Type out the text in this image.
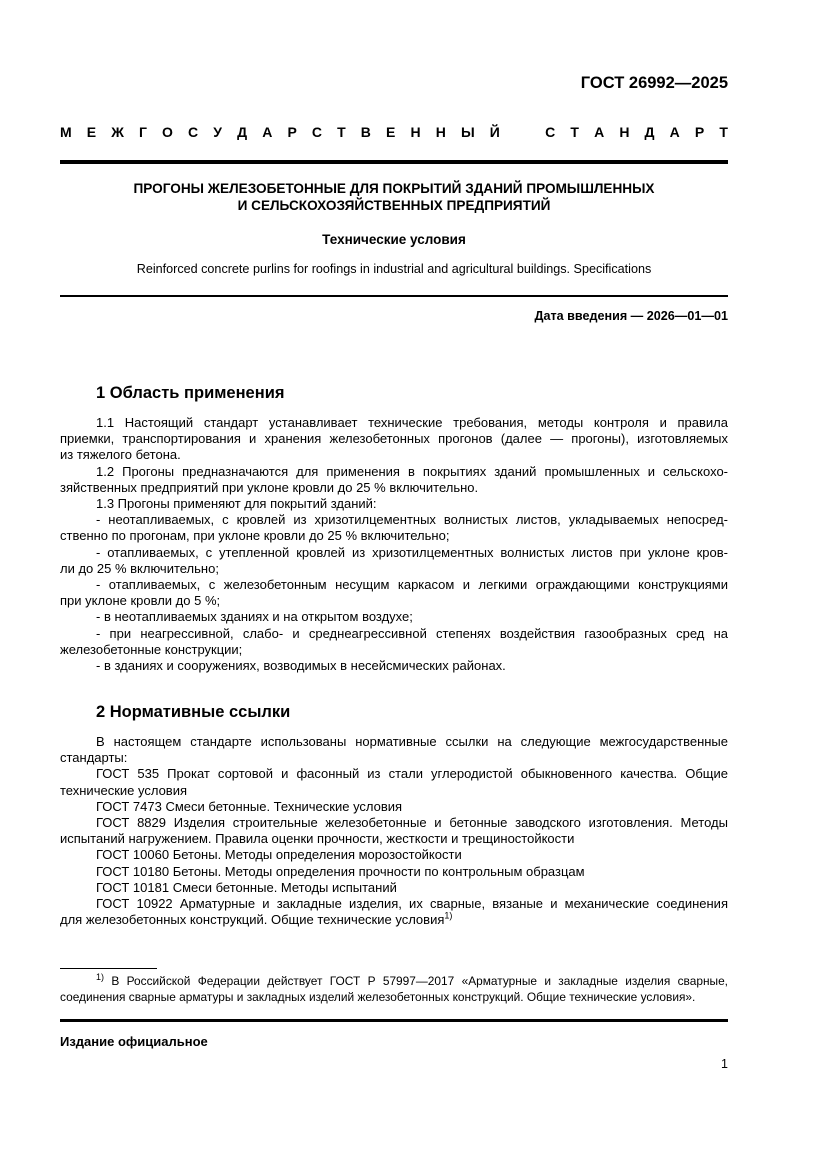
ГОСТ 26992—2025
М Е Ж Г О С У Д А Р С Т В Е Н Н Ы Й	С Т А Н Д А Р Т
ПРОГОНЫ ЖЕЛЕЗОБЕТОННЫЕ ДЛЯ ПОКРЫТИЙ ЗДАНИЙ ПРОМЫШЛЕННЫХ
И СЕЛЬСКОХОЗЯЙСТВЕННЫХ ПРЕДПРИЯТИЙ
Технические условия
Reinforced concrete purlins for roofings in industrial and agricultural buildings. Specifications
Дата введения — 2026—01—01
1 Область применения

1.1 Настоящий стандарт устанавливает технические требования, методы контроля и правила

приемки, транспортирования и хранения железобетонных прогонов (далее — прогоны), изготовляемых

из тяжелого бетона.

1.2 Прогоны предназначаются для применения в покрытиях зданий промышленных и сельскохо-

зяйственных предприятий при уклоне кровли до 25 % включительно.

1.3 Прогоны применяют для покрытий зданий:

- неотапливаемых, с кровлей из хризотилцементных волнистых листов, укладываемых непосред-

ственно по прогонам, при уклоне кровли до 25 % включительно;

- отапливаемых, с утепленной кровлей из хризотилцементных волнистых листов при уклоне кров-

ли до 25 % включительно;

- отапливаемых, с железобетонным несущим каркасом и легкими ограждающими конструкциями

при уклоне кровли до 5 %;

- в неотапливаемых зданиях и на открытом воздухе;

- при неагрессивной, слабо- и среднеагрессивной степенях воздействия газообразных сред на

железобетонные конструкции;

- в зданиях и сооружениях, возводимых в несейсмических районах.

2 Нормативные ссылки

В настоящем стандарте использованы нормативные ссылки на следующие межгосударственные

стандарты:

ГОСТ 535 Прокат сортовой и фасонный из стали углеродистой обыкновенного качества. Общие

технические условия

ГОСТ 7473 Смеси бетонные. Технические условия

ГОСТ 8829 Изделия строительные железобетонные и бетонные заводского изготовления. Методы

испытаний нагружением. Правила оценки прочности, жесткости и трещиностойкости

ГОСТ 10060 Бетоны. Методы определения морозостойкости

ГОСТ 10180 Бетоны. Методы определения прочности по контрольным образцам

ГОСТ 10181 Смеси бетонные. Методы испытаний

ГОСТ 10922 Арматурные и закладные изделия, их сварные, вязаные и механические соединения

для железобетонных конструкций. Общие технические условия$^{1)}$

$^{1)}$ В Российской Федерации действует ГОСТ Р 57997—2017 «Арматурные и закладные изделия сварные,

соединения сварные арматуры и закладных изделий железобетонных конструкций. Общие технические условия».

Издание официальное
1
